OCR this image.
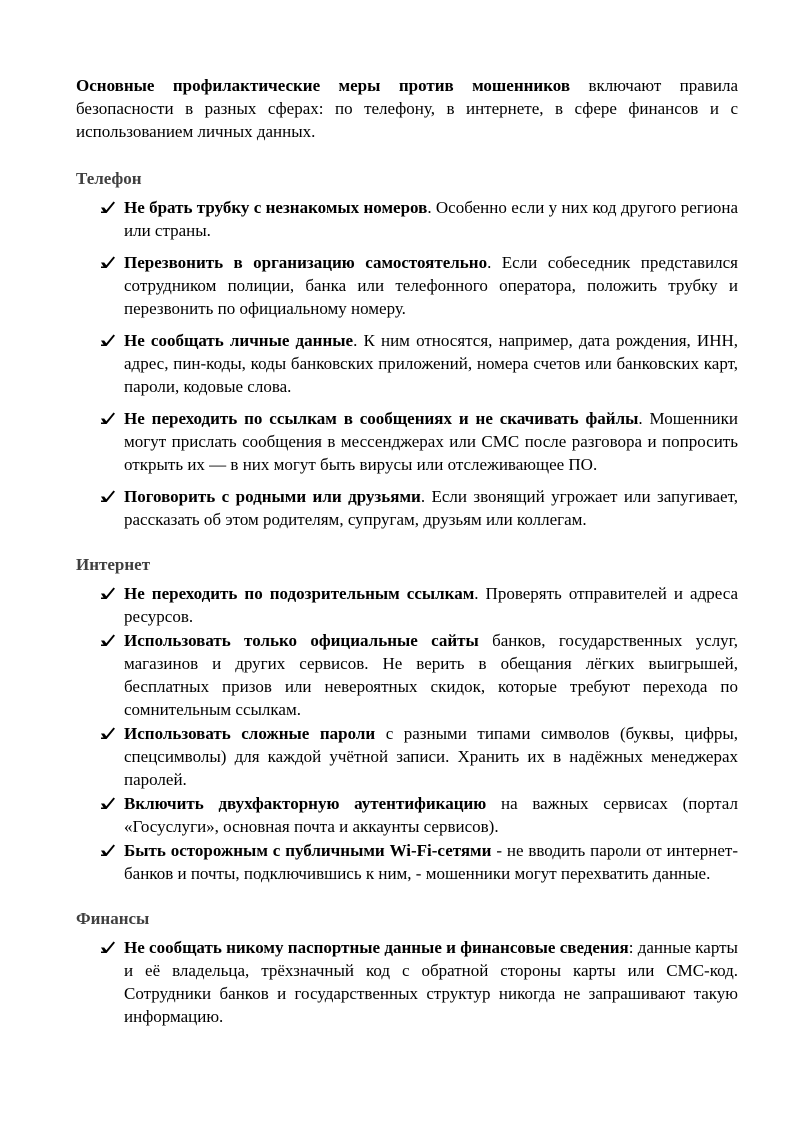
Основные профилактические меры против мошенников включают правила безопасности в разных сферах: по телефону, в интернете, в сфере финансов и с использованием личных данных.

Телефон
Не брать трубку с незнакомых номеров. Особенно если у них код другого региона или страны.
Перезвонить в организацию самостоятельно. Если собеседник представился сотрудником полиции, банка или телефонного оператора, положить трубку и перезвонить по официальному номеру.
Не сообщать личные данные. К ним относятся, например, дата рождения, ИНН, адрес, пин-коды, коды банковских приложений, номера счетов или банковских карт, пароли, кодовые слова.
Не переходить по ссылкам в сообщениях и не скачивать файлы. Мошенники могут прислать сообщения в мессенджерах или СМС после разговора и попросить открыть их — в них могут быть вирусы или отслеживающее ПО.
Поговорить с родными или друзьями. Если звонящий угрожает или запугивает, рассказать об этом родителям, супругам, друзьям или коллегам.
Интернет
Не переходить по подозрительным ссылкам. Проверять отправителей и адреса ресурсов.
Использовать только официальные сайты банков, государственных услуг, магазинов и других сервисов. Не верить в обещания лёгких выигрышей, бесплатных призов или невероятных скидок, которые требуют перехода по сомнительным ссылкам.
Использовать сложные пароли с разными типами символов (буквы, цифры, спецсимволы) для каждой учётной записи. Хранить их в надёжных менеджерах паролей.
Включить двухфакторную аутентификацию на важных сервисах (портал «Госуслуги», основная почта и аккаунты сервисов).
Быть осторожным с публичными Wi-Fi-сетями - не вводить пароли от интернет-банков и почты, подключившись к ним, - мошенники могут перехватить данные.
Финансы
Не сообщать никому паспортные данные и финансовые сведения: данные карты и её владельца, трёхзначный код с обратной стороны карты или СМС-код. Сотрудники банков и государственных структур никогда не запрашивают такую информацию.
